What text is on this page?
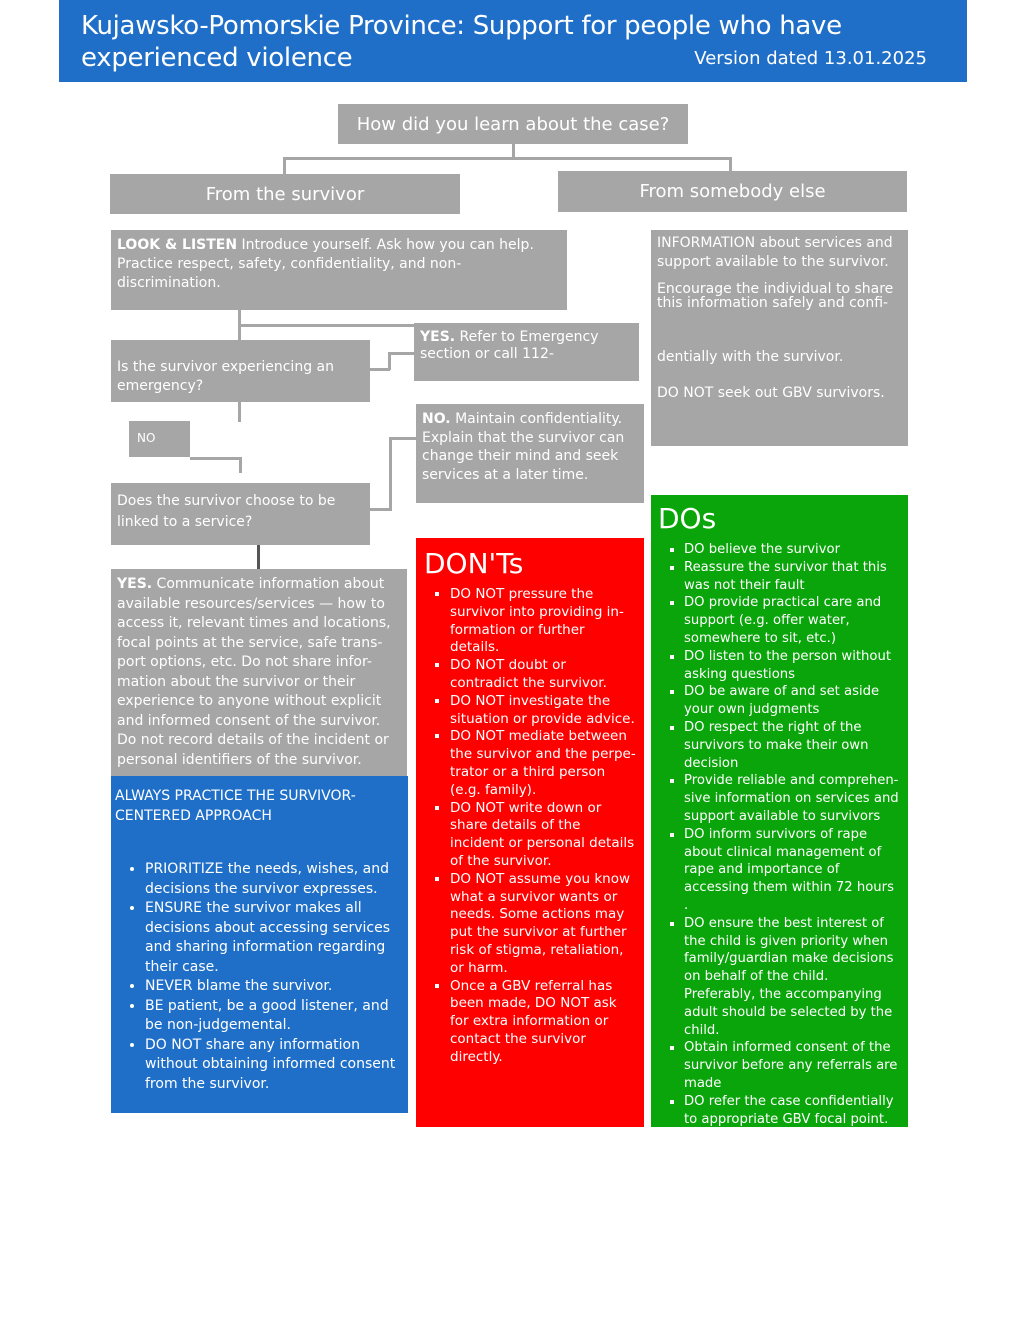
Kujawsko-Pomorskie Province: Support for people who have experienced violence	Version dated 13.01.2025
How did you learn about the case?
From the survivor	From somebody else
LOOK & LISTEN Introduce yourself. Ask how you can help. Practice respect, safety, confidentiality, and non-discrimination.
Is the survivor experiencing an emergency?
YES. Refer to Emergency section or call 112-
NO
NO. Maintain confidentiality. Explain that the survivor can change their mind and seek services at a later time.
Does the survivor choose to be linked to a service?
YES. Communicate information about available resources/services — how to access it, relevant times and locations, focal points at the service, safe trans-port options, etc. Do not share infor-mation about the survivor or their experience to anyone without explicit and informed consent of the survivor. Do not record details of the incident or personal identifiers of the survivor.
INFORMATION about services and support available to the survivor.
Encourage the individual to share this information safely and confi-
dentially with the survivor.
DO NOT seek out GBV survivors.
ALWAYS PRACTICE THE SURVIVOR-CENTERED APPROACH
• PRIORITIZE the needs, wishes, and decisions the survivor expresses.
• ENSURE the survivor makes all decisions about accessing services and sharing information regarding their case.
• NEVER blame the survivor.
• BE patient, be a good listener, and be non-judgemental.
• DO NOT share any information without obtaining informed consent from the survivor.
DON'Ts
▪ DO NOT pressure the survivor into providing in-formation or further details.
▪ DO NOT doubt or contradict the survivor.
▪ DO NOT investigate the situation or provide advice.
▪ DO NOT mediate between the survivor and the perpe-trator or a third person (e.g. family).
▪ DO NOT write down or share details of the incident or personal details of the survivor.
▪ DO NOT assume you know what a survivor wants or needs. Some actions may put the survivor at further risk of stigma, retaliation, or harm.
▪ Once a GBV referral has been made, DO NOT ask for extra information or contact the survivor directly.
DOs
▪ DO believe the survivor
▪ Reassure the survivor that this was not their fault
▪ DO provide practical care and support (e.g. offer water, somewhere to sit, etc.)
▪ DO listen to the person without asking questions
▪ DO be aware of and set aside your own judgments
▪ DO respect the right of the survivors to make their own decision
▪ Provide reliable and comprehen-sive information on services and support available to survivors
▪ DO inform survivors of rape about clinical management of rape and importance of accessing them within 72 hours .
▪ DO ensure the best interest of the child is given priority when family/guardian make decisions on behalf of the child. Preferably, the accompanying adult should be selected by the child.
▪ Obtain informed consent of the survivor before any referrals are made
▪ DO refer the case confidentially to appropriate GBV focal point.
